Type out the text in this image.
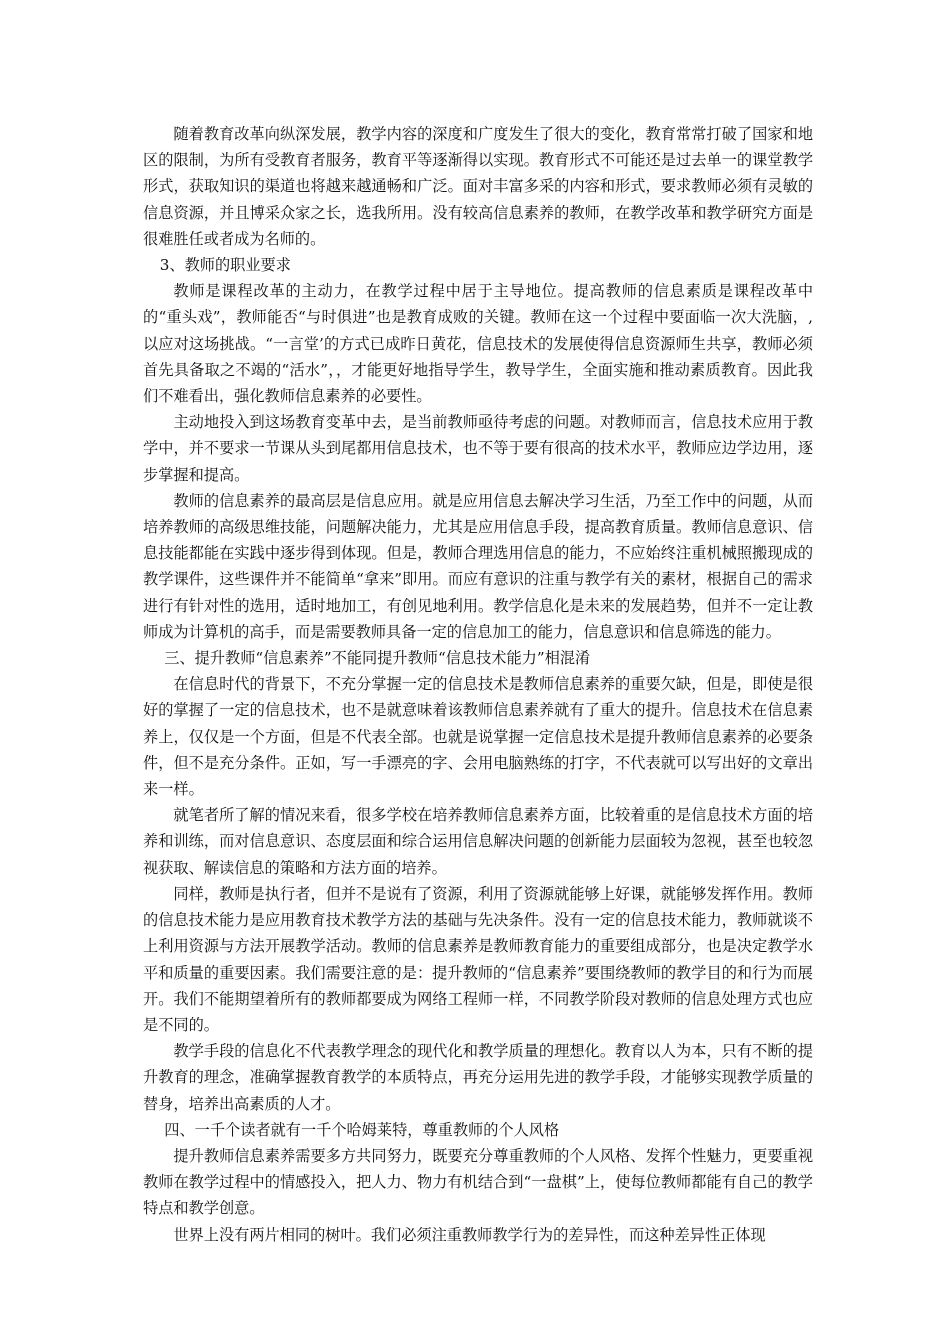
随着教育改革向纵深发展，教学内容的深度和广度发生了很大的变化，教育常常打破了国家和地区的限制，为所有受教育者服务，教育平等逐渐得以实现。教育形式不可能还是过去单一的课堂教学形式，获取知识的渠道也将越来越通畅和广泛。面对丰富多采的内容和形式，要求教师必须有灵敏的信息资源，并且博采众家之长，选我所用。没有较高信息素养的教师，在教学改革和教学研究方面是很难胜任或者成为名师的。

3、教师的职业要求

教师是课程改革的主动力，在教学过程中居于主导地位。提高教师的信息素质是课程改革中的“重头戏”，教师能否“与时俱进”也是教育成败的关键。教师在这一个过程中要面临一次大洗脑，,以应对这场挑战。“一言堂’的方式已成昨日黄花，信息技术的发展使得信息资源师生共享，教师必须首先具备取之不竭的“活水”，，才能更好地指导学生，教导学生，全面实施和推动素质教育。因此我们不难看出，强化教师信息素养的必要性。

主动地投入到这场教育变革中去，是当前教师亟待考虑的问题。对教师而言，信息技术应用于教学中，并不要求一节课从头到尾都用信息技术，也不等于要有很高的技术水平，教师应边学边用，逐步掌握和提高。

教师的信息素养的最高层是信息应用。就是应用信息去解决学习生活，乃至工作中的问题，从而培养教师的高级思维技能，问题解决能力，尤其是应用信息手段，提高教育质量。教师信息意识、信息技能都能在实践中逐步得到体现。但是，教师合理选用信息的能力，不应始终注重机械照搬现成的教学课件，这些课件并不能简单“拿来”即用。而应有意识的注重与教学有关的素材，根据自己的需求进行有针对性的选用，适时地加工，有创见地利用。教学信息化是未来的发展趋势，但并不一定让教师成为计算机的高手，而是需要教师具备一定的信息加工的能力，信息意识和信息筛选的能力。

三、提升教师“信息素养”不能同提升教师“信息技术能力”相混淆

在信息时代的背景下，不充分掌握一定的信息技术是教师信息素养的重要欠缺，但是，即使是很好的掌握了一定的信息技术，也不是就意味着该教师信息素养就有了重大的提升。信息技术在信息素养上，仅仅是一个方面，但是不代表全部。也就是说掌握一定信息技术是提升教师信息素养的必要条件，但不是充分条件。正如，写一手漂亮的字、会用电脑熟练的打字，不代表就可以写出好的文章出来一样。

就笔者所了解的情况来看，很多学校在培养教师信息素养方面，比较着重的是信息技术方面的培养和训练，而对信息意识、态度层面和综合运用信息解决问题的创新能力层面较为忽视，甚至也较忽视获取、解读信息的策略和方法方面的培养。

同样，教师是执行者，但并不是说有了资源，利用了资源就能够上好课，就能够发挥作用。教师的信息技术能力是应用教育技术教学方法的基础与先决条件。没有一定的信息技术能力，教师就谈不上利用资源与方法开展教学活动。教师的信息素养是教师教育能力的重要组成部分，也是决定教学水平和质量的重要因素。我们需要注意的是：提升教师的“信息素养”要围绕教师的教学目的和行为而展开。我们不能期望着所有的教师都要成为网络工程师一样，不同教学阶段对教师的信息处理方式也应是不同的。

教学手段的信息化不代表教学理念的现代化和教学质量的理想化。教育以人为本，只有不断的提升教育的理念，准确掌握教育教学的本质特点，再充分运用先进的教学手段，才能够实现教学质量的替身，培养出高素质的人才。

四、一千个读者就有一千个哈姆莱特，尊重教师的个人风格

提升教师信息素养需要多方共同努力，既要充分尊重教师的个人风格、发挥个性魅力，更要重视教师在教学过程中的情感投入，把人力、物力有机结合到“一盘棋”上，使每位教师都能有自己的教学特点和教学创意。

世界上没有两片相同的树叶。我们必须注重教师教学行为的差异性，而这种差异性正体现
